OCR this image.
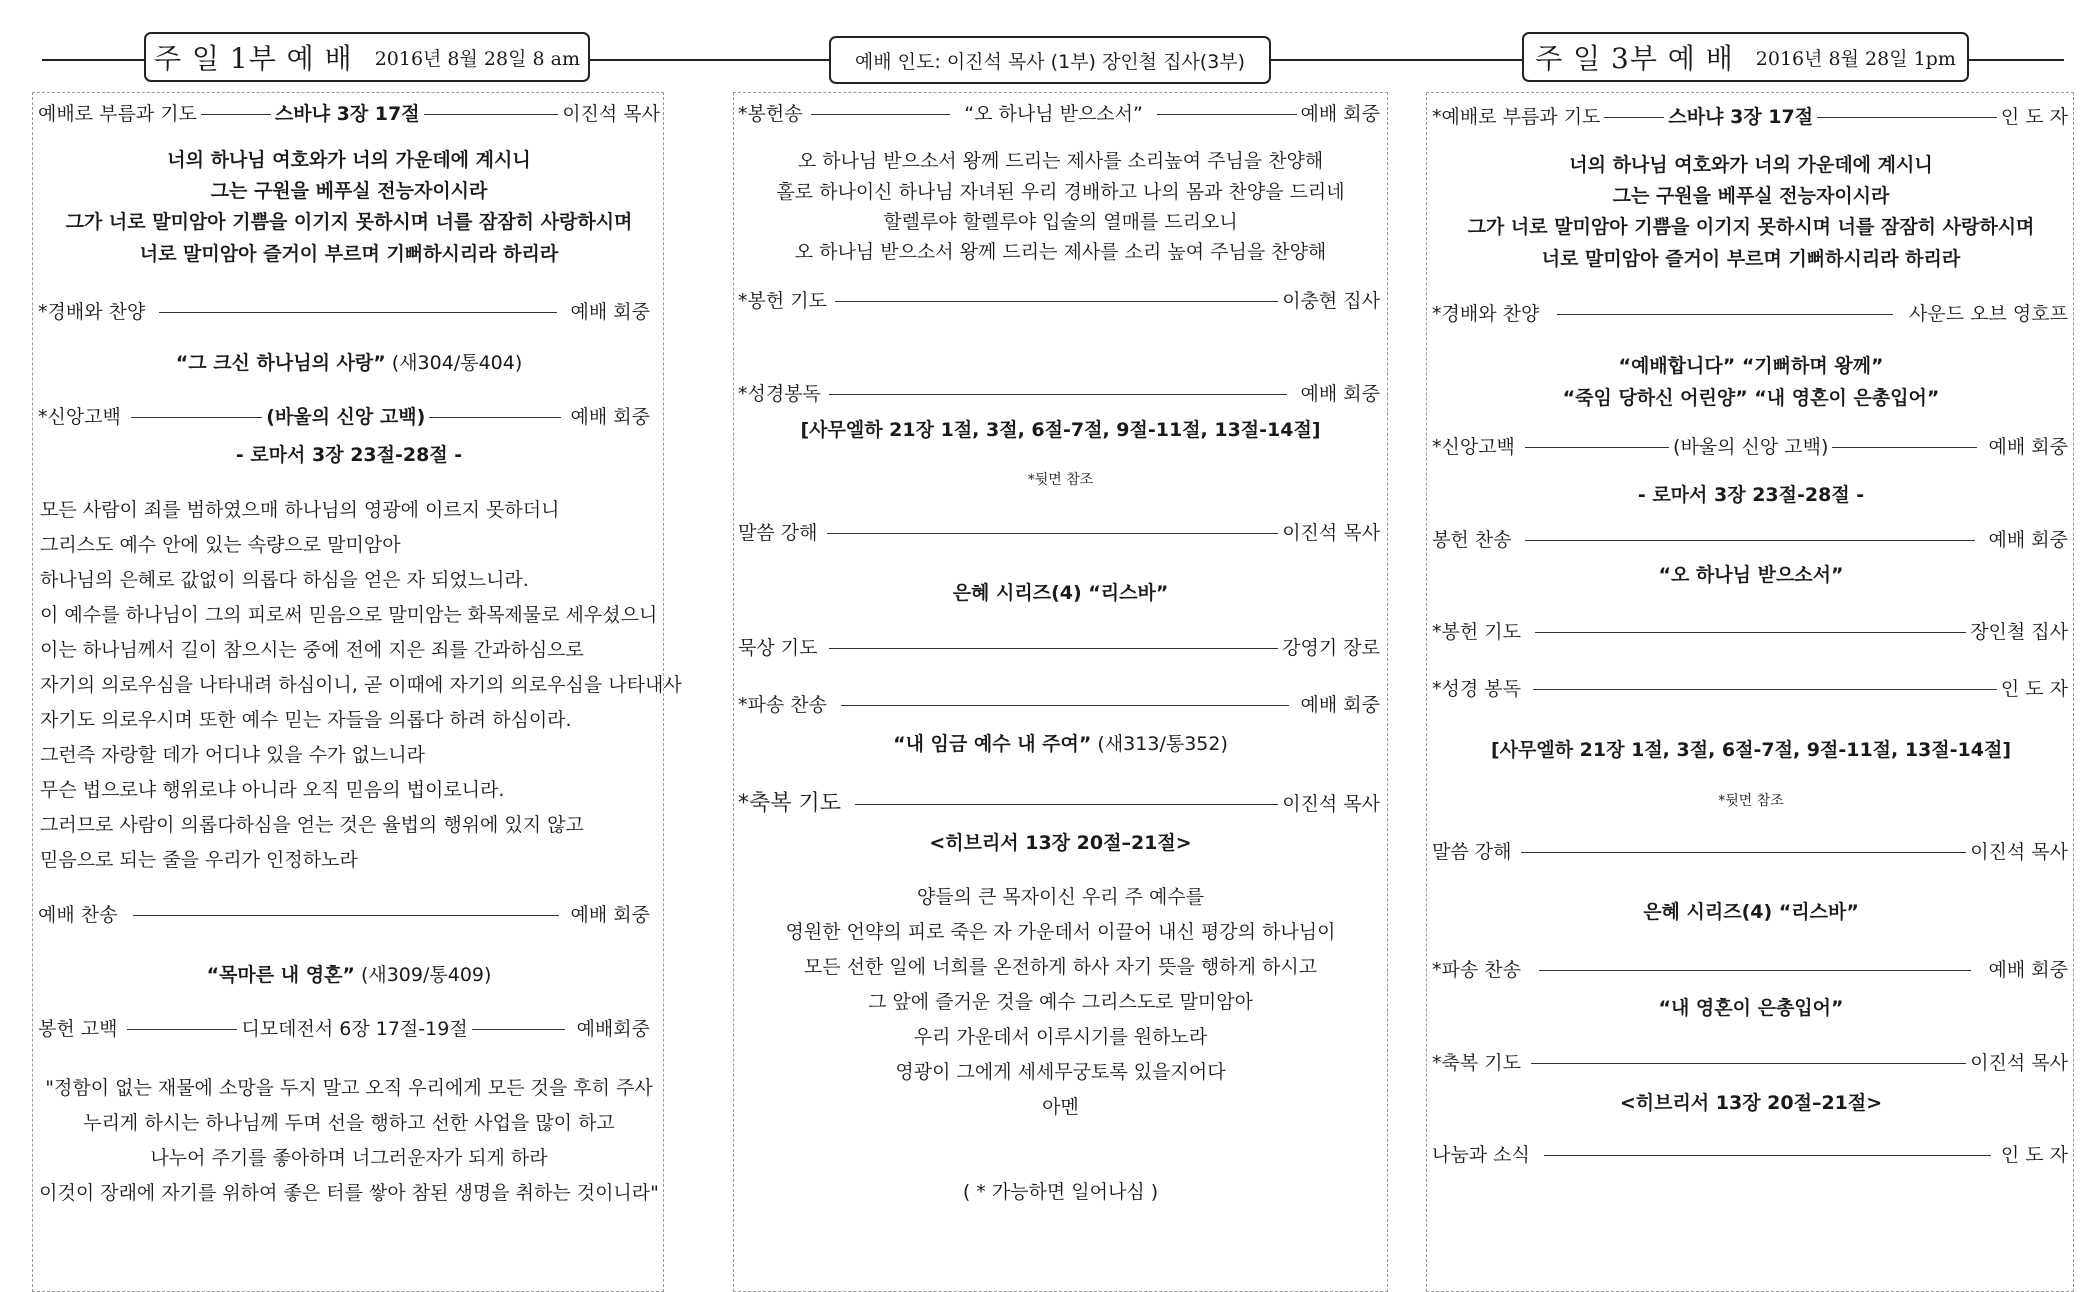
주 일 1부 예 배 2016년 8월 28일 8 am	예배 인도: 이진석 목사 (1부) 장인철 집사(3부)	주 일 3부 예 배 2016년 8월 28일 1pm
예배로 부름과 기도	스바냐 3장 17절	이진석 목사
너의 하나님 여호와가 너의 가운데에 계시니
그는 구원을 베푸실 전능자이시라
그가 너로 말미암아 기쁨을 이기지 못하시며 너를 잠잠히 사랑하시며
너로 말미암아 즐거이 부르며 기뻐하시리라 하리라
*경배와 찬양	예배 회중
“그 크신 하나님의 사랑” (새304/통404)
*신앙고백	(바울의 신앙 고백)	예배 회중
- 로마서 3장 23절-28절 -
모든 사람이 죄를 범하였으매 하나님의 영광에 이르지 못하더니
그리스도 예수 안에 있는 속량으로 말미암아
하나님의 은혜로 값없이 의롭다 하심을 얻은 자 되었느니라.
이 예수를 하나님이 그의 피로써 믿음으로 말미암는 화목제물로 세우셨으니
이는 하나님께서 길이 참으시는 중에 전에 지은 죄를 간과하심으로
자기의 의로우심을 나타내려 하심이니, 곧 이때에 자기의 의로우심을 나타내사
자기도 의로우시며 또한 예수 믿는 자들을 의롭다 하려 하심이라.
그런즉 자랑할 데가 어디냐 있을 수가 없느니라
무슨 법으로냐 행위로냐 아니라 오직 믿음의 법이로니라.
그러므로 사람이 의롭다하심을 얻는 것은 율법의 행위에 있지 않고
믿음으로 되는 줄을 우리가 인정하노라
예배 찬송	예배 회중
“목마른 내 영혼” (새309/통409)
봉헌 고백	디모데전서 6장 17절-19절	예배회중
"정함이 없는 재물에 소망을 두지 말고 오직 우리에게 모든 것을 후히 주사
누리게 하시는 하나님께 두며 선을 행하고 선한 사업을 많이 하고
나누어 주기를 좋아하며 너그러운자가 되게 하라
이것이 장래에 자기를 위하여 좋은 터를 쌓아 참된 생명을 취하는 것이니라"
*봉헌송	“오 하나님 받으소서”	예배 회중
오 하나님 받으소서 왕께 드리는 제사를 소리높여 주님을 찬양해
홀로 하나이신 하나님 자녀된 우리 경배하고 나의 몸과 찬양을 드리네
할렐루야 할렐루야 입술의 열매를 드리오니
오 하나님 받으소서 왕께 드리는 제사를 소리 높여 주님을 찬양해
*봉헌 기도	이충현 집사
*성경봉독	예배 회중
[사무엘하 21장 1절, 3절, 6절-7절, 9절-11절, 13절-14절]
*뒷면 참조
말씀 강해	이진석 목사
은혜 시리즈(4) “리스바”
묵상 기도	강영기 장로
*파송 찬송	예배 회중
“내 임금 예수 내 주여” (새313/통352)
*축복 기도	이진석 목사
<히브리서 13장 20절–21절>
양들의 큰 목자이신 우리 주 예수를
영원한 언약의 피로 죽은 자 가운데서 이끌어 내신 평강의 하나님이
모든 선한 일에 너희를 온전하게 하사 자기 뜻을 행하게 하시고
그 앞에 즐거운 것을 예수 그리스도로 말미암아
우리 가운데서 이루시기를 원하노라
영광이 그에게 세세무궁토록 있을지어다
아멘
( * 가능하면 일어나심 )
*예배로 부름과 기도	스바냐 3장 17절	인 도 자
너의 하나님 여호와가 너의 가운데에 계시니
그는 구원을 베푸실 전능자이시라
그가 너로 말미암아 기쁨을 이기지 못하시며 너를 잠잠히 사랑하시며
너로 말미암아 즐거이 부르며 기뻐하시리라 하리라
*경배와 찬양	사운드 오브 영호프
“예배합니다” “기뻐하며 왕께”
“죽임 당하신 어린양” “내 영혼이 은총입어”
*신앙고백	(바울의 신앙 고백)	예배 회중
- 로마서 3장 23절-28절 -
봉헌 찬송	예배 회중
“오 하나님 받으소서”
*봉헌 기도	장인철 집사
*성경 봉독	인 도 자
[사무엘하 21장 1절, 3절, 6절-7절, 9절-11절, 13절-14절]
*뒷면 참조
말씀 강해	이진석 목사
은혜 시리즈(4) “리스바”
*파송 찬송	예배 회중
“내 영혼이 은총입어”
*축복 기도	이진석 목사
<히브리서 13장 20절–21절>
나눔과 소식	인 도 자
